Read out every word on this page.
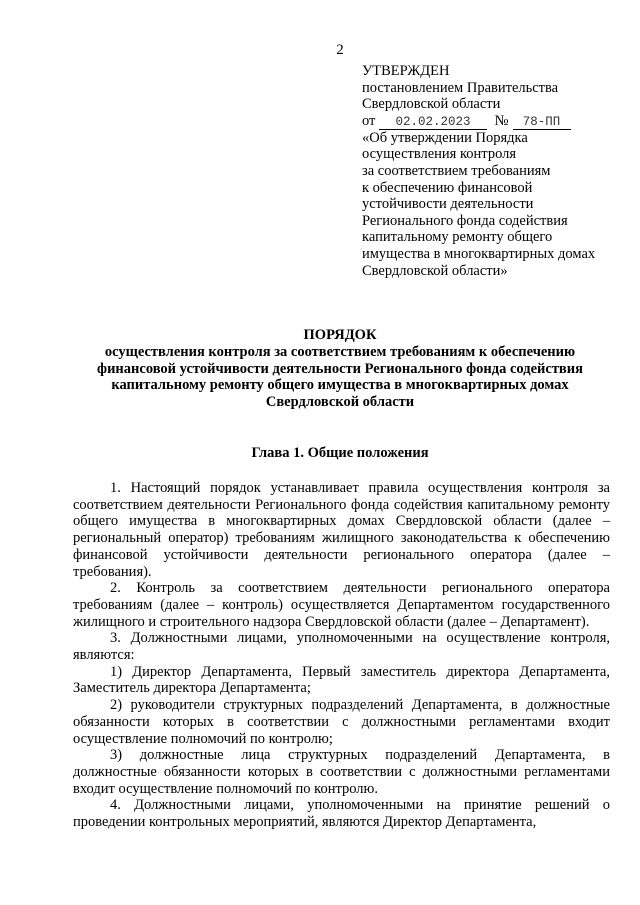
2
УТВЕРЖДЕН
постановлением Правительства
Свердловской области
от 02.02.2023 № 78-ПП
«Об утверждении Порядка
осуществления контроля
за соответствием требованиям
к обеспечению финансовой
устойчивости деятельности
Регионального фонда содействия
капитальному ремонту общего
имущества в многоквартирных домах
Свердловской области»
ПОРЯДОК
осуществления контроля за соответствием требованиям к обеспечению
финансовой устойчивости деятельности Регионального фонда содействия
капитальному ремонту общего имущества в многоквартирных домах
Свердловской области
Глава 1. Общие положения

1. Настоящий порядок устанавливает правила осуществления контроля за соответствием деятельности Регионального фонда содействия капитальному ремонту общего имущества в многоквартирных домах Свердловской области (далее – региональный оператор) требованиям жилищного законодательства к обеспечению финансовой устойчивости деятельности регионального оператора (далее – требования).

2. Контроль за соответствием деятельности регионального оператора требованиям (далее – контроль) осуществляется Департаментом государственного жилищного и строительного надзора Свердловской области (далее – Департамент).

3. Должностными лицами, уполномоченными на осуществление контроля, являются:

1) Директор Департамента, Первый заместитель директора Департамента, Заместитель директора Департамента;

2) руководители структурных подразделений Департамента, в должностные обязанности которых в соответствии с должностными регламентами входит осуществление полномочий по контролю;

3) должностные лица структурных подразделений Департамента, в должностные обязанности которых в соответствии с должностными регламентами входит осуществление полномочий по контролю.

4. Должностными лицами, уполномоченными на принятие решений о проведении контрольных мероприятий, являются Директор Департамента,
